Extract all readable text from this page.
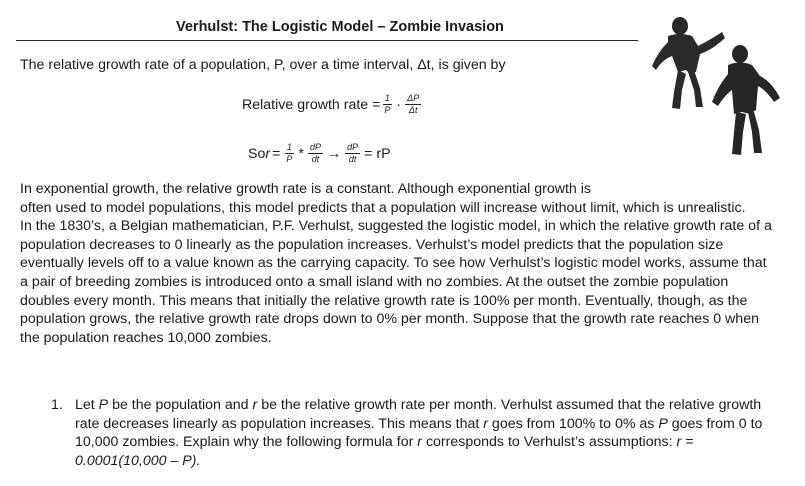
Verhulst: The Logistic Model – Zombie Invasion
The relative growth rate of a population, P, over a time interval, Δt, is given by
Relative growth rate = $\frac{1}{P} \cdot \frac{\Delta P}{\Delta t}$
So $r = \frac{1}{P} * \frac{dP}{dt} \to \frac{dP}{dt}$ = rP
In exponential growth, the relative growth rate is a constant. Although exponential growth is
often used to model populations, this model predicts that a population will increase without limit, which is unrealistic.
In the 1830’s, a Belgian mathematician, P.F. Verhulst, suggested the logistic model, in which the relative growth rate of a
population decreases to 0 linearly as the population increases. Verhulst’s model predicts that the population size
eventually levels off to a value known as the carrying capacity. To see how Verhulst’s logistic model works, assume that
a pair of breeding zombies is introduced onto a small island with no zombies. At the outset the zombie population
doubles every month. This means that initially the relative growth rate is 100% per month. Eventually, though, as the
population grows, the relative growth rate drops down to 0% per month. Suppose that the growth rate reaches 0 when
the population reaches 10,000 zombies.
1. Let P be the population and r be the relative growth rate per month. Verhulst assumed that the relative growth
rate decreases linearly as population increases. This means that r goes from 100% to 0% as P goes from 0 to
10,000 zombies. Explain why the following formula for r corresponds to Verhulst’s assumptions: r =
0.0001(10,000 – P).
